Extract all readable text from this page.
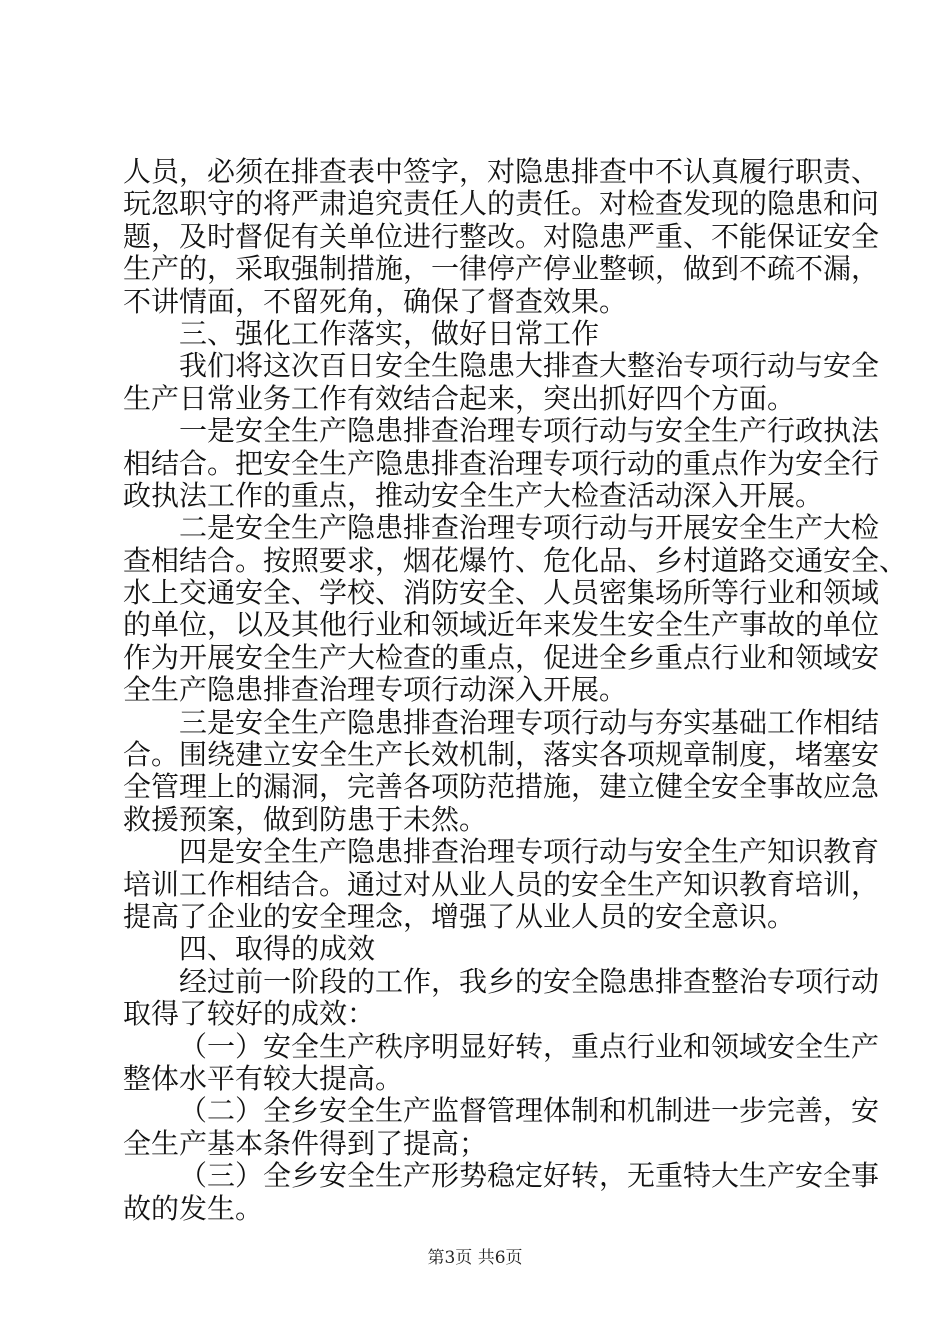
人员，必须在排查表中签字，对隐患排查中不认真履行职责、
玩忽职守的将严肃追究责任人的责任。对检查发现的隐患和问
题，及时督促有关单位进行整改。对隐患严重、不能保证安全
生产的，采取强制措施，一律停产停业整顿，做到不疏不漏，
不讲情面，不留死角，确保了督查效果。
三、强化工作落实，做好日常工作
我们将这次百日安全生隐患大排查大整治专项行动与安全
生产日常业务工作有效结合起来，突出抓好四个方面。
一是安全生产隐患排查治理专项行动与安全生产行政执法
相结合。把安全生产隐患排查治理专项行动的重点作为安全行
政执法工作的重点，推动安全生产大检查活动深入开展。
二是安全生产隐患排查治理专项行动与开展安全生产大检
查相结合。按照要求，烟花爆竹、危化品、乡村道路交通安全、
水上交通安全、学校、消防安全、人员密集场所等行业和领域
的单位，以及其他行业和领域近年来发生安全生产事故的单位
作为开展安全生产大检查的重点，促进全乡重点行业和领域安
全生产隐患排查治理专项行动深入开展。
三是安全生产隐患排查治理专项行动与夯实基础工作相结
合。围绕建立安全生产长效机制，落实各项规章制度，堵塞安
全管理上的漏洞，完善各项防范措施，建立健全安全事故应急
救援预案，做到防患于未然。
四是安全生产隐患排查治理专项行动与安全生产知识教育
培训工作相结合。通过对从业人员的安全生产知识教育培训，
提高了企业的安全理念，增强了从业人员的安全意识。
四、取得的成效
经过前一阶段的工作，我乡的安全隐患排查整治专项行动
取得了较好的成效：
（一）安全生产秩序明显好转，重点行业和领域安全生产
整体水平有较大提高。
（二）全乡安全生产监督管理体制和机制进一步完善，安
全生产基本条件得到了提高；
（三）全乡安全生产形势稳定好转，无重特大生产安全事
故的发生。
第3页 共6页
